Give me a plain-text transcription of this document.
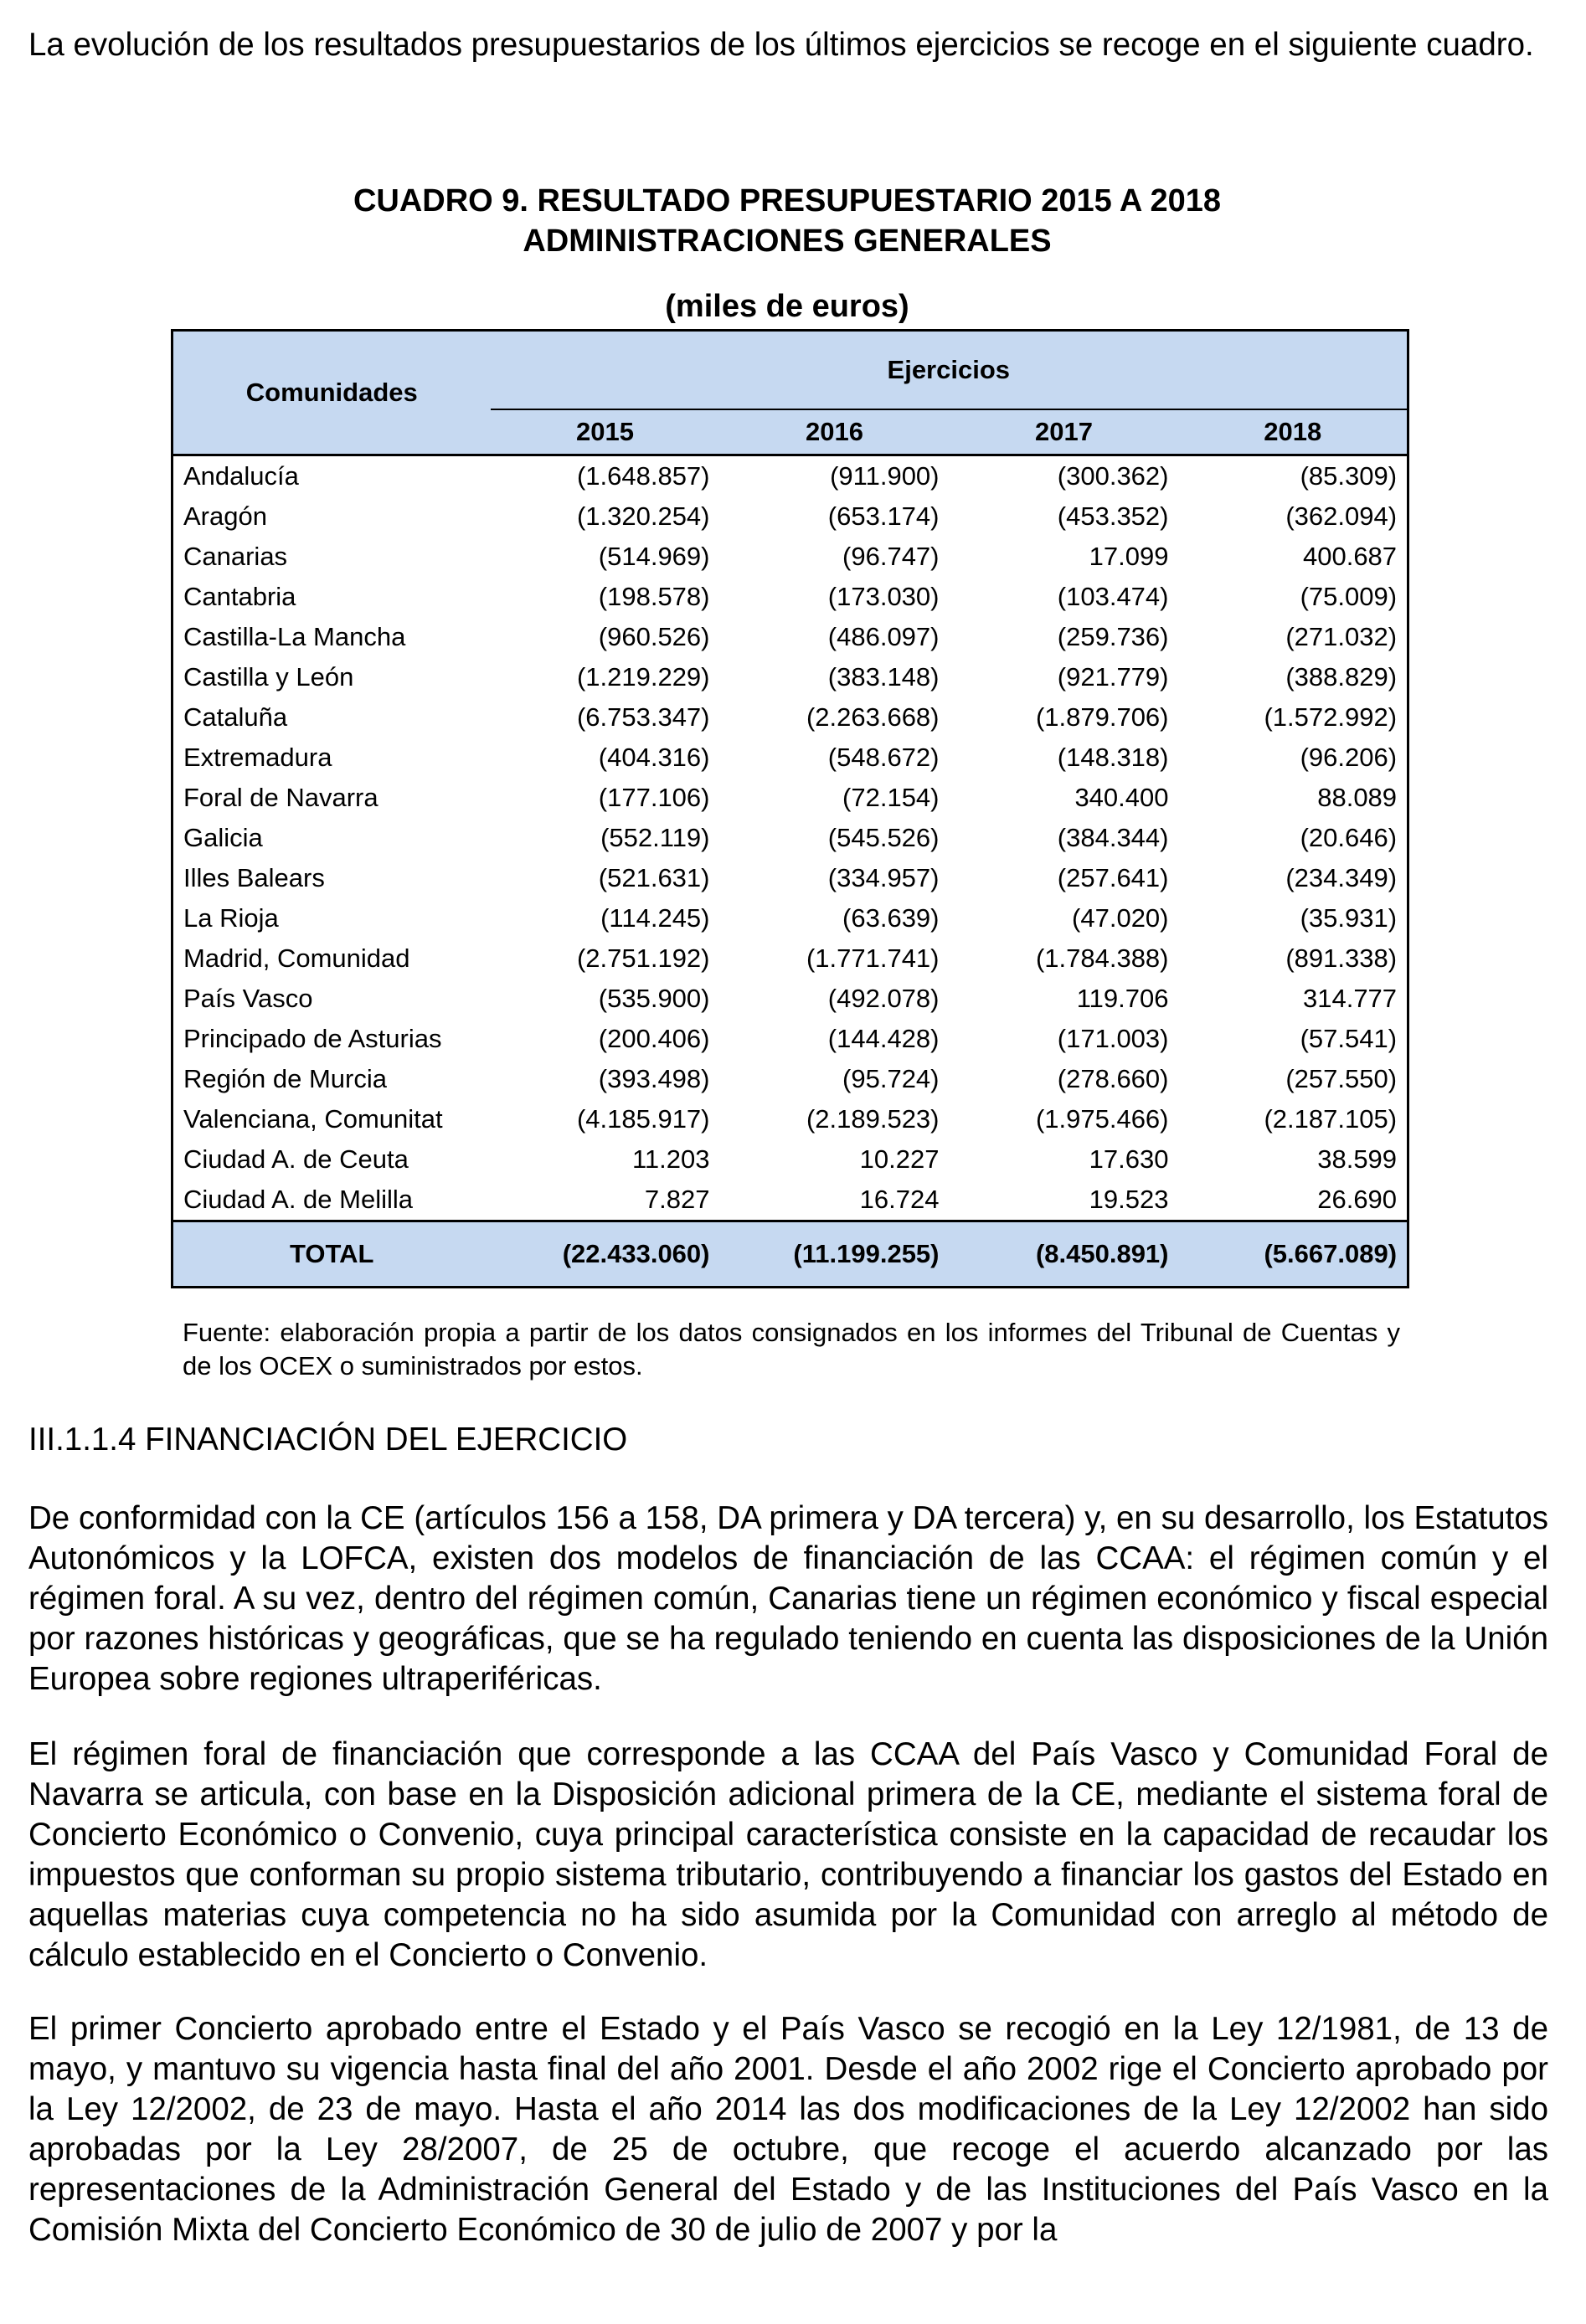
La evolución de los resultados presupuestarios de los últimos ejercicios se recoge en el siguiente cuadro.

CUADRO 9. RESULTADO PRESUPUESTARIO 2015 A 2018

ADMINISTRACIONES GENERALES

(miles de euros)

Comunidades	Ejercicios			
	2015	2016	2017	2018
Andalucía	(1.648.857)	(911.900)	(300.362)	(85.309)
Aragón	(1.320.254)	(653.174)	(453.352)	(362.094)
Canarias	(514.969)	(96.747)	17.099	400.687
Cantabria	(198.578)	(173.030)	(103.474)	(75.009)
Castilla-La Mancha	(960.526)	(486.097)	(259.736)	(271.032)
Castilla y León	(1.219.229)	(383.148)	(921.779)	(388.829)
Cataluña	(6.753.347)	(2.263.668)	(1.879.706)	(1.572.992)
Extremadura	(404.316)	(548.672)	(148.318)	(96.206)
Foral de Navarra	(177.106)	(72.154)	340.400	88.089
Galicia	(552.119)	(545.526)	(384.344)	(20.646)
Illes Balears	(521.631)	(334.957)	(257.641)	(234.349)
La Rioja	(114.245)	(63.639)	(47.020)	(35.931)
Madrid, Comunidad	(2.751.192)	(1.771.741)	(1.784.388)	(891.338)
País Vasco	(535.900)	(492.078)	119.706	314.777
Principado de Asturias	(200.406)	(144.428)	(171.003)	(57.541)
Región de Murcia	(393.498)	(95.724)	(278.660)	(257.550)
Valenciana, Comunitat	(4.185.917)	(2.189.523)	(1.975.466)	(2.187.105)
Ciudad A. de Ceuta	11.203	10.227	17.630	38.599
Ciudad A. de Melilla	7.827	16.724	19.523	26.690
TOTAL	(22.433.060)	(11.199.255)	(8.450.891)	(5.667.089)

Fuente: elaboración propia a partir de los datos consignados en los informes del Tribunal de Cuentas y de los OCEX o suministrados por estos.

III.1.1.4 FINANCIACIÓN DEL EJERCICIO

De conformidad con la CE (artículos 156 a 158, DA primera y DA tercera) y, en su desarrollo, los Estatutos Autonómicos y la LOFCA, existen dos modelos de financiación de las CCAA: el régimen común y el régimen foral. A su vez, dentro del régimen común, Canarias tiene un régimen económico y fiscal especial por razones históricas y geográficas, que se ha regulado teniendo en cuenta las disposiciones de la Unión Europea sobre regiones ultraperiféricas.

El régimen foral de financiación que corresponde a las CCAA del País Vasco y Comunidad Foral de Navarra se articula, con base en la Disposición adicional primera de la CE, mediante el sistema foral de Concierto Económico o Convenio, cuya principal característica consiste en la capacidad de recaudar los impuestos que conforman su propio sistema tributario, contribuyendo a financiar los gastos del Estado en aquellas materias cuya competencia no ha sido asumida por la Comunidad con arreglo al método de cálculo establecido en el Concierto o Convenio.

El primer Concierto aprobado entre el Estado y el País Vasco se recogió en la Ley 12/1981, de 13 de mayo, y mantuvo su vigencia hasta final del año 2001. Desde el año 2002 rige el Concierto aprobado por la Ley 12/2002, de 23 de mayo. Hasta el año 2014 las dos modificaciones de la Ley 12/2002 han sido aprobadas por la Ley 28/2007, de 25 de octubre, que recoge el acuerdo alcanzado por las representaciones de la Administración General del Estado y de las Instituciones del País Vasco en la Comisión Mixta del Concierto Económico de 30 de julio de 2007 y por la
